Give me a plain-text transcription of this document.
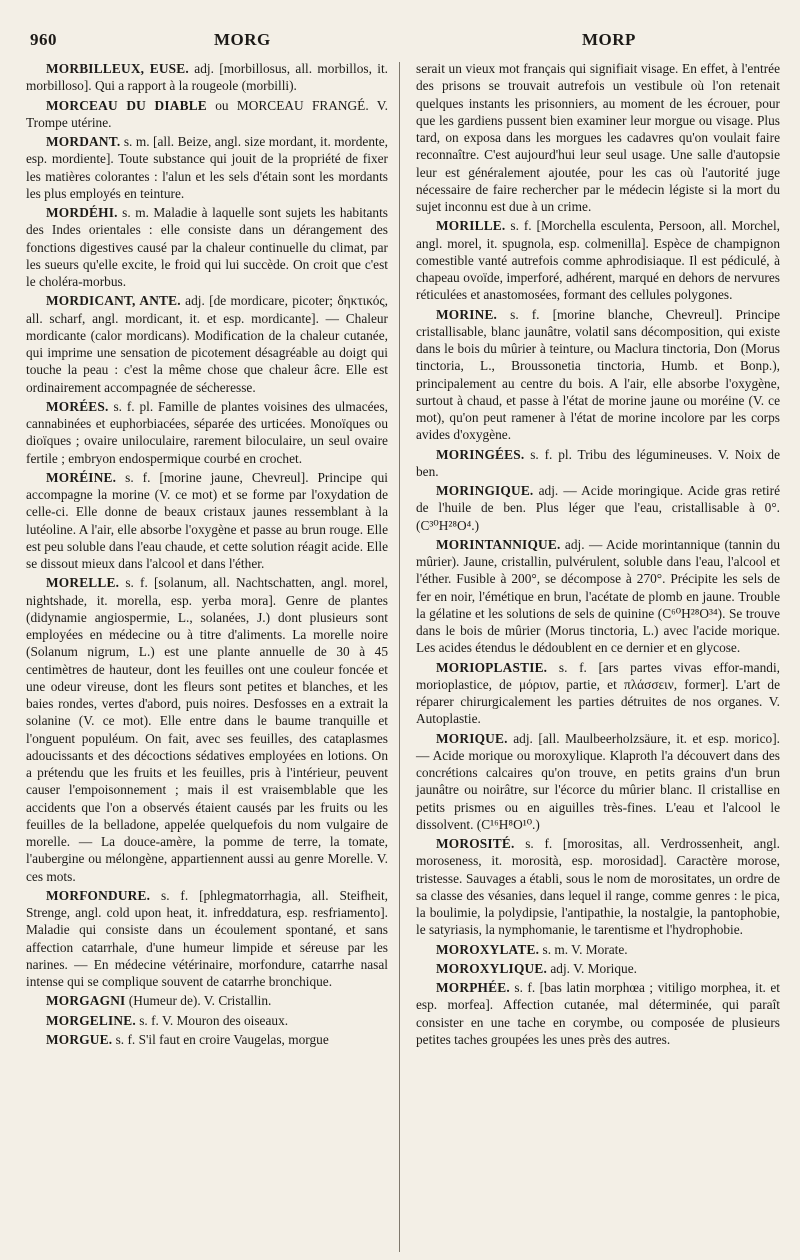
960	MORG	MORP

MORBILLEUX, EUSE. adj. [morbillosus, all. morbillos, it. morbilloso]. Qui a rapport à la rougeole (morbilli).

MORCEAU DU DIABLE ou MORCEAU FRANGÉ. V. Trompe utérine.

MORDANT. s. m. [all. Beize, angl. size mordant, it. mordente, esp. mordiente]. Toute substance qui jouit de la propriété de fixer les matières colorantes : l'alun et les sels d'étain sont les mordants les plus employés en teinture.

MORDÉHI. s. m. Maladie à laquelle sont sujets les habitants des Indes orientales : elle consiste dans un dérangement des fonctions digestives causé par la chaleur continuelle du climat, par les sueurs qu'elle excite, le froid qui lui succède. On croit que c'est le choléra-morbus.

MORDICANT, ANTE. adj. [de mordicare, picoter; δηκτικός, all. scharf, angl. mordicant, it. et esp. mordicante]. — Chaleur mordicante (calor mordicans). Modification de la chaleur cutanée, qui imprime une sensation de picotement désagréable au doigt qui touche la peau : c'est la même chose que chaleur âcre. Elle est ordinairement accompagnée de sécheresse.

MORÉES. s. f. pl. Famille de plantes voisines des ulmacées, cannabinées et euphorbiacées, séparée des urticées. Monoïques ou dioïques ; ovaire uniloculaire, rarement biloculaire, un seul ovaire fertile ; embryon endospermique courbé en crochet.

MORÉINE. s. f. [morine jaune, Chevreul]. Principe qui accompagne la morine (V. ce mot) et se forme par l'oxydation de celle-ci. Elle donne de beaux cristaux jaunes ressemblant à la lutéoline. A l'air, elle absorbe l'oxygène et passe au brun rouge. Elle est peu soluble dans l'eau chaude, et cette solution réagit acide. Elle se dissout mieux dans l'alcool et dans l'éther.

MORELLE. s. f. [solanum, all. Nachtschatten, angl. morel, nightshade, it. morella, esp. yerba mora]. Genre de plantes (didynamie angiospermie, L., solanées, J.) dont plusieurs sont employées en médecine ou à titre d'aliments. La morelle noire (Solanum nigrum, L.) est une plante annuelle de 30 à 45 centimètres de hauteur, dont les feuilles ont une couleur foncée et une odeur vireuse, dont les fleurs sont petites et blanches, et les baies rondes, vertes d'abord, puis noires. Desfosses en a extrait la solanine (V. ce mot). Elle entre dans le baume tranquille et l'onguent populéum. On fait, avec ses feuilles, des cataplasmes adoucissants et des décoctions sédatives employées en lotions. On a prétendu que les fruits et les feuilles, pris à l'intérieur, peuvent causer l'empoisonnement ; mais il est vraisemblable que les accidents que l'on a observés étaient causés par les fruits ou les feuilles de la belladone, appelée quelquefois du nom vulgaire de morelle. — La douce-amère, la pomme de terre, la tomate, l'aubergine ou mélongène, appartiennent aussi au genre Morelle. V. ces mots.

MORFONDURE. s. f. [phlegmatorrhagia, all. Steifheit, Strenge, angl. cold upon heat, it. infreddatura, esp. resfriamento]. Maladie qui consiste dans un écoulement spontané, et sans affection catarrhale, d'une humeur limpide et séreuse par les narines. — En médecine vétérinaire, morfondure, catarrhe nasal intense qui se complique souvent de catarrhe bronchique.

MORGAGNI (Humeur de). V. Cristallin.

MORGELINE. s. f. V. Mouron des oiseaux.

MORGUE. s. f. S'il faut en croire Vaugelas, morgue

serait un vieux mot français qui signifiait visage. En effet, à l'entrée des prisons se trouvait autrefois un vestibule où l'on retenait quelques instants les prisonniers, au moment de les écrouer, pour que les gardiens pussent bien examiner leur morgue ou visage. Plus tard, on exposa dans les morgues les cadavres qu'on voulait faire reconnaître. C'est aujourd'hui leur seul usage. Une salle d'autopsie leur est généralement ajoutée, pour les cas où l'autorité juge nécessaire de faire rechercher par le médecin légiste si la mort du sujet inconnu est due à un crime.

MORILLE. s. f. [Morchella esculenta, Persoon, all. Morchel, angl. morel, it. spugnola, esp. colmenilla]. Espèce de champignon comestible vanté autrefois comme aphrodisiaque. Il est pédiculé, à chapeau ovoïde, imperforé, adhérent, marqué en dehors de nervures réticulées et anastomosées, formant des cellules polygones.

MORINE. s. f. [morine blanche, Chevreul]. Principe cristallisable, blanc jaunâtre, volatil sans décomposition, qui existe dans le bois du mûrier à teinture, ou Maclura tinctoria, Don (Morus tinctoria, L., Broussonetia tinctoria, Humb. et Bonp.), principalement au centre du bois. A l'air, elle absorbe l'oxygène, surtout à chaud, et passe à l'état de morine jaune ou moréine (V. ce mot), qu'on peut ramener à l'état de morine incolore par les corps avides d'oxygène.

MORINGÉES. s. f. pl. Tribu des légumineuses. V. Noix de ben.

MORINGIQUE. adj. — Acide moringique. Acide gras retiré de l'huile de ben. Plus léger que l'eau, cristallisable à 0°. (C³⁰H²⁸O⁴.)

MORINTANNIQUE. adj. — Acide morintannique (tannin du mûrier). Jaune, cristallin, pulvérulent, soluble dans l'eau, l'alcool et l'éther. Fusible à 200°, se décompose à 270°. Précipite les sels de fer en noir, l'émétique en brun, l'acétate de plomb en jaune. Trouble la gélatine et les solutions de sels de quinine (C⁶⁰H²⁸O³⁴). Se trouve dans le bois de mûrier (Morus tinctoria, L.) avec l'acide morique. Les acides étendus le dédoublent en ce dernier et en glycose.

MORIOPLASTIE. s. f. [ars partes vivas effor-mandi, morioplastice, de μόριον, partie, et πλάσσειν, former]. L'art de réparer chirurgicalement les parties détruites de nos organes. V. Autoplastie.

MORIQUE. adj. [all. Maulbeerholzsäure, it. et esp. morico]. — Acide morique ou moroxylique. Klaproth l'a découvert dans des concrétions calcaires qu'on trouve, en petits grains d'un brun jaunâtre ou noirâtre, sur l'écorce du mûrier blanc. Il cristallise en petits prismes ou en aiguilles très-fines. L'eau et l'alcool le dissolvent. (C¹⁶H⁸O¹⁰.)

MOROSITÉ. s. f. [morositas, all. Verdrossenheit, angl. moroseness, it. morosità, esp. morosidad]. Caractère morose, tristesse. Sauvages a établi, sous le nom de morositates, un ordre de sa classe des vésanies, dans lequel il range, comme genres : le pica, la boulimie, la polydipsie, l'antipathie, la nostalgie, la pantophobie, le satyriasis, la nymphomanie, le tarentisme et l'hydrophobie.

MOROXYLATE. s. m. V. Morate.

MOROXYLIQUE. adj. V. Morique.

MORPHÉE. s. f. [bas latin morphœa ; vitiligo morphea, it. et esp. morfea]. Affection cutanée, mal déterminée, qui paraît consister en une tache en corymbe, ou composée de plusieurs petites taches groupées les unes près des autres.
